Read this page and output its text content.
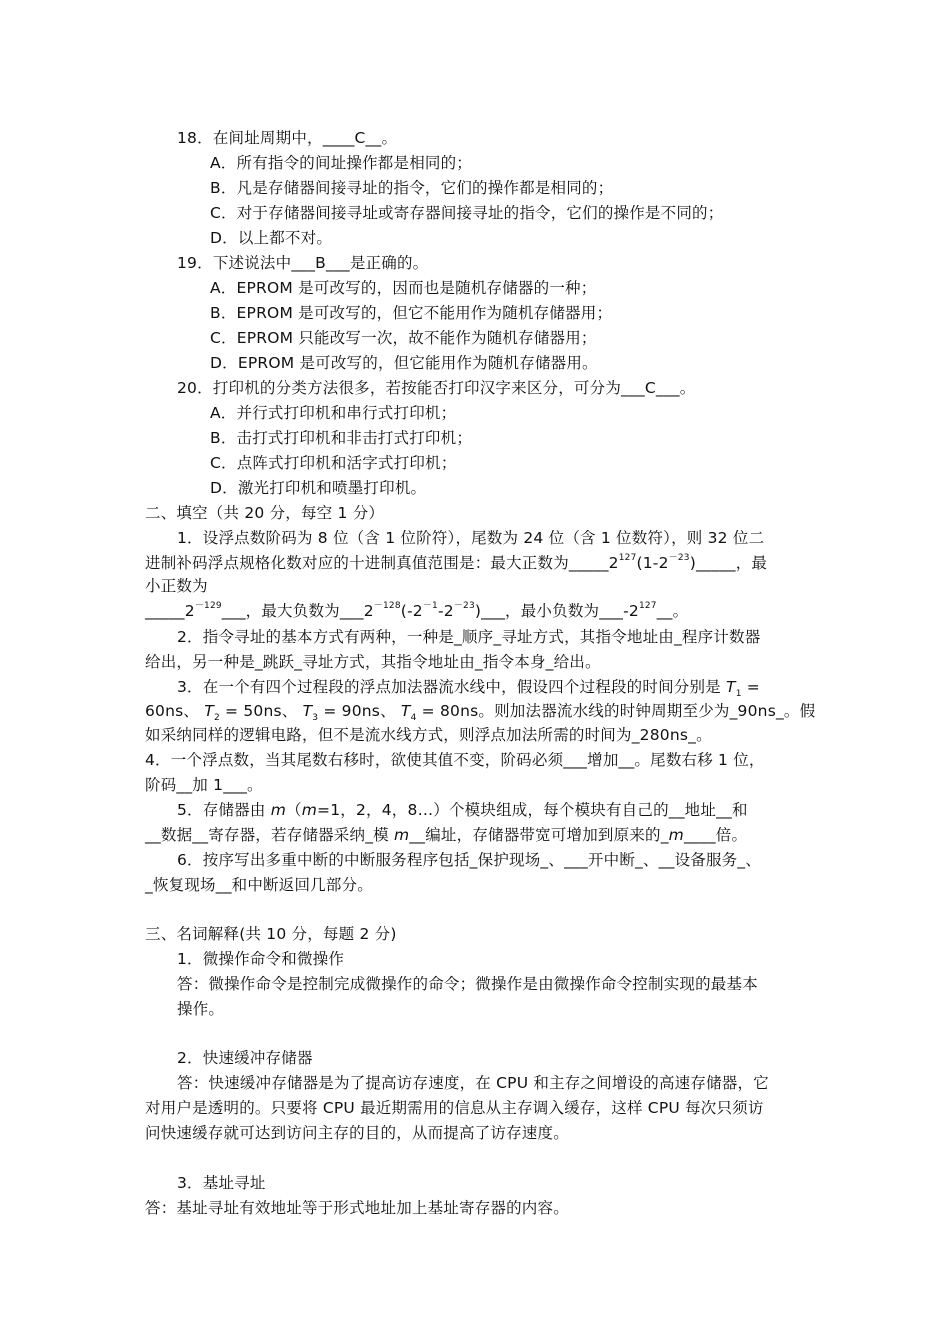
18．在间址周期中，____C__。
A．所有指令的间址操作都是相同的；
B．凡是存储器间接寻址的指令，它们的操作都是相同的；
C．对于存储器间接寻址或寄存器间接寻址的指令，它们的操作是不同的；
D．以上都不对。
19．下述说法中___B___是正确的。
A．EPROM 是可改写的，因而也是随机存储器的一种；
B．EPROM 是可改写的，但它不能用作为随机存储器用；
C．EPROM 只能改写一次，故不能作为随机存储器用；
D．EPROM 是可改写的，但它能用作为随机存储器用。
20．打印机的分类方法很多，若按能否打印汉字来区分，可分为___C___。
A．并行式打印机和串行式打印机；
B．击打式打印机和非击打式打印机；
C．点阵式打印机和活字式打印机；
D．激光打印机和喷墨打印机。
二、填空（共 20 分，每空 1 分）
1．设浮点数阶码为 8 位（含 1 位阶符），尾数为 24 位（含 1 位数符），则 32 位二
进制补码浮点规格化数对应的十进制真值范围是：最大正数为$\_\_\_\_\_2^{127}(1-2^{-23})\_\_\_\_\_$，最
小正数为
$\_\_\_\_\_2^{-129}\_\_\_$，最大负数为$\_\_\_2^{-128}(-2^{-1}-2^{-23})\_\_\_$，最小负数为$\_\_\_-2^{127}\_\_$。
2．指令寻址的基本方式有两种，一种是_顺序_寻址方式，其指令地址由_程序计数器
给出，另一种是_跳跃_寻址方式，其指令地址由_指令本身_给出。
3．在一个有四个过程段的浮点加法器流水线中，假设四个过程段的时间分别是 $T_1$ =
60ns、 $T_2 = 50ns$、 $T_3 = 90ns$、 $T_4 = 80ns$。则加法器流水线的时钟周期至少为_90ns_。假
如采纳同样的逻辑电路，但不是流水线方式，则浮点加法所需的时间为_280ns_。
4．一个浮点数，当其尾数右移时，欲使其值不变，阶码必须___增加__。尾数右移 1 位，
阶码__加 1___。
5．存储器由 m（m=1，2，4，8…）个模块组成，每个模块有自己的__地址__和
__数据__寄存器，若存储器采纳_模 m__编址，存储器带宽可增加到原来的_m____倍。
6．按序写出多重中断的中断服务程序包括_保护现场_、___开中断_、__设备服务_、
_恢复现场__和中断返回几部分。
三、名词解释(共 10 分，每题 2 分)
1．微操作命令和微操作
答：微操作命令是控制完成微操作的命令；微操作是由微操作命令控制实现的最基本
操作。
2．快速缓冲存储器
答：快速缓冲存储器是为了提高访存速度，在 CPU 和主存之间增设的高速存储器，它
对用户是透明的。只要将 CPU 最近期需用的信息从主存调入缓存，这样 CPU 每次只须访
问快速缓存就可达到访问主存的目的，从而提高了访存速度。
3．基址寻址
答：基址寻址有效地址等于形式地址加上基址寄存器的内容。
